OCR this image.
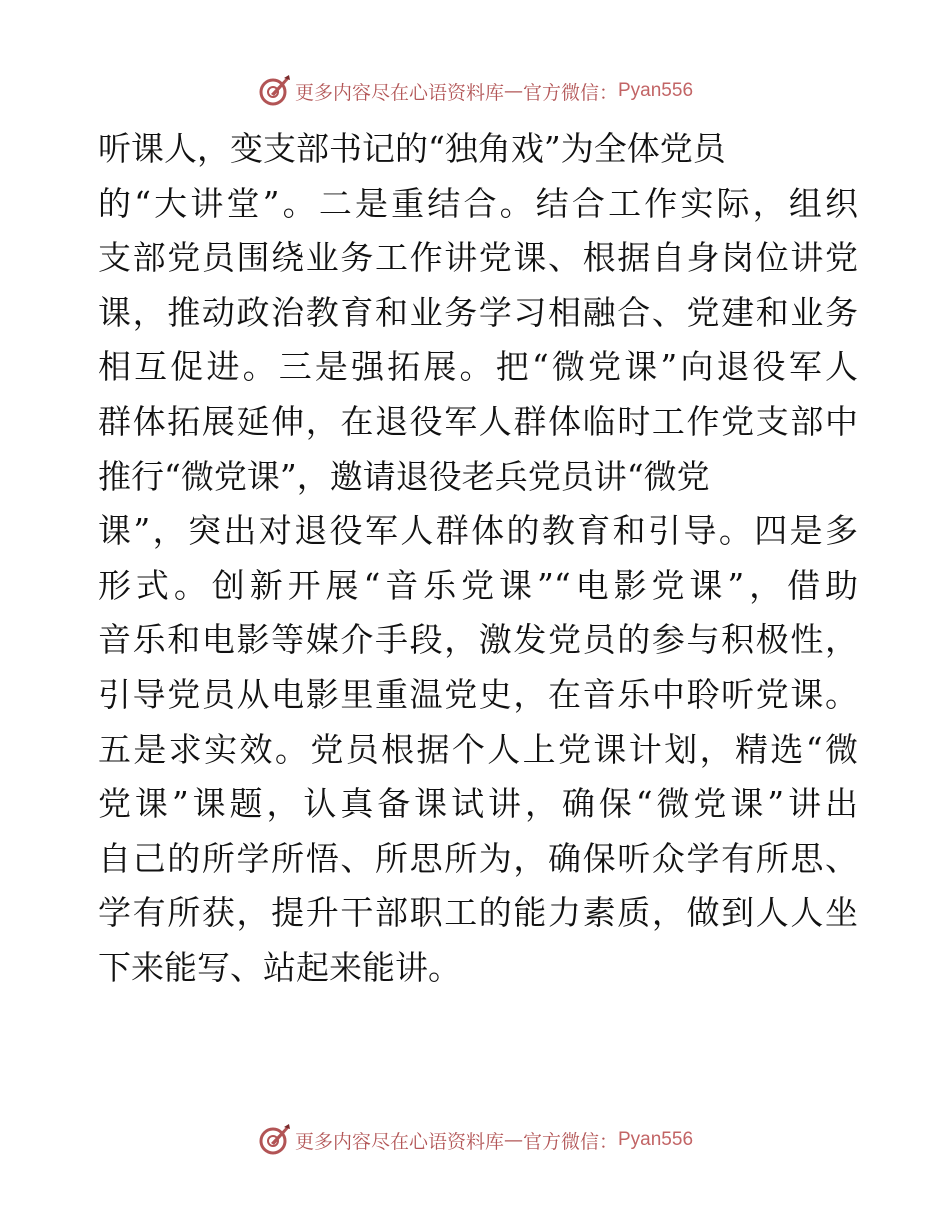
更多内容尽在心语资料库 — 官方微信： Pyan556
听课人，变支部书记的“独角戏”为全体党员
的“大讲堂”。二是重结合。结合工作实际，组织
支部党员围绕业务工作讲党课、根据自身岗位讲党
课，推动政治教育和业务学习相融合、党建和业务
相互促进。三是强拓展。把“微党课”向退役军人
群体拓展延伸，在退役军人群体临时工作党支部中
推行“微党课”，邀请退役老兵党员讲“微党
课”，突出对退役军人群体的教育和引导。四是多
形式。创新开展“音乐党课”“电影党课”，借助
音乐和电影等媒介手段，激发党员的参与积极性，
引导党员从电影里重温党史，在音乐中聆听党课。
五是求实效。党员根据个人上党课计划，精选“微
党课”课题，认真备课试讲，确保“微党课”讲出
自己的所学所悟、所思所为，确保听众学有所思、
学有所获，提升干部职工的能力素质，做到人人坐
下来能写、站起来能讲。
更多内容尽在心语资料库 — 官方微信： Pyan556
